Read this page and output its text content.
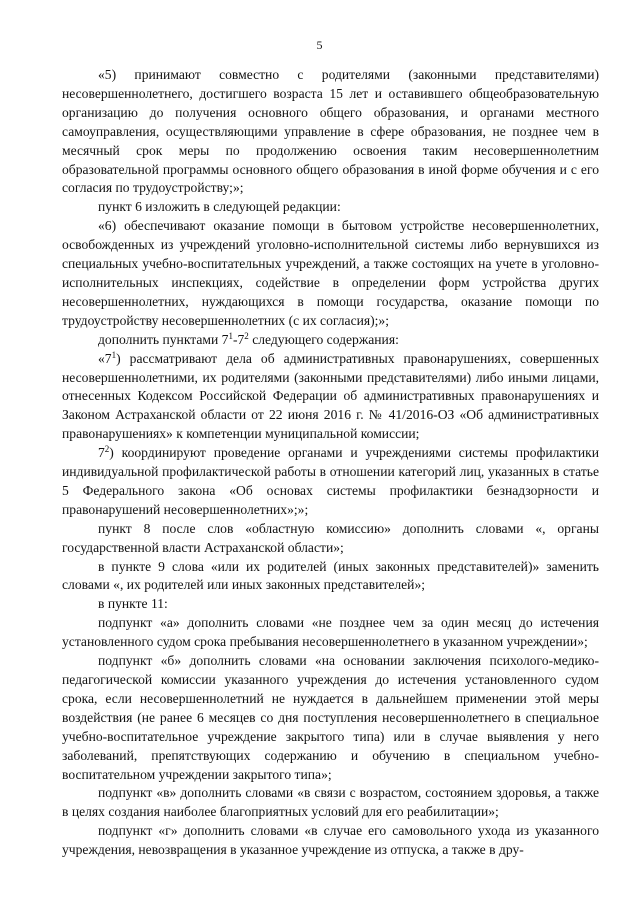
5

«5) принимают совместно с родителями (законными представителями) несовершеннолетнего, достигшего возраста 15 лет и оставившего общеобразовательную организацию до получения основного общего образования, и органами местного самоуправления, осуществляющими управление в сфере образования, не позднее чем в месячный срок меры по продолжению освоения таким несовершеннолетним образовательной программы основного общего образования в иной форме обучения и с его согласия по трудоустройству;»;

пункт 6 изложить в следующей редакции:

«6) обеспечивают оказание помощи в бытовом устройстве несовершеннолетних, освобожденных из учреждений уголовно-исполнительной системы либо вернувшихся из специальных учебно-воспитательных учреждений, а также состоящих на учете в уголовно-исполнительных инспекциях, содействие в определении форм устройства других несовершеннолетних, нуждающихся в помощи государства, оказание помощи по трудоустройству несовершеннолетних (с их согласия);»;

дополнить пунктами $7^1-7^2$ следующего содержания:

«$7^1$) рассматривают дела об административных правонарушениях, совершенных несовершеннолетними, их родителями (законными представителями) либо иными лицами, отнесенных Кодексом Российской Федерации об административных правонарушениях и Законом Астраханской области от 22 июня 2016 г. № 41/2016-ОЗ «Об административных правонарушениях» к компетенции муниципальной комиссии;

$7^2$) координируют проведение органами и учреждениями системы профилактики индивидуальной профилактической работы в отношении категорий лиц, указанных в статье 5 Федерального закона «Об основах системы профилактики безнадзорности и правонарушений несовершеннолетних»;»;

пункт 8 после слов «областную комиссию» дополнить словами «, органы государственной власти Астраханской области»;

в пункте 9 слова «или их родителей (иных законных представителей)» заменить словами «, их родителей или иных законных представителей»;

в пункте 11:

подпункт «а» дополнить словами «не позднее чем за один месяц до истечения установленного судом срока пребывания несовершеннолетнего в указанном учреждении»;

подпункт «б» дополнить словами «на основании заключения психолого-медико-педагогической комиссии указанного учреждения до истечения установленного судом срока, если несовершеннолетний не нуждается в дальнейшем применении этой меры воздействия (не ранее 6 месяцев со дня поступления несовершеннолетнего в специальное учебно-воспитательное учреждение закрытого типа) или в случае выявления у него заболеваний, препятствующих содержанию и обучению в специальном учебно-воспитательном учреждении закрытого типа»;

подпункт «в» дополнить словами «в связи с возрастом, состоянием здоровья, а также в целях создания наиболее благоприятных условий для его реабилитации»;

подпункт «г» дополнить словами «в случае его самовольного ухода из указанного учреждения, невозвращения в указанное учреждение из отпуска, а также в дру-
